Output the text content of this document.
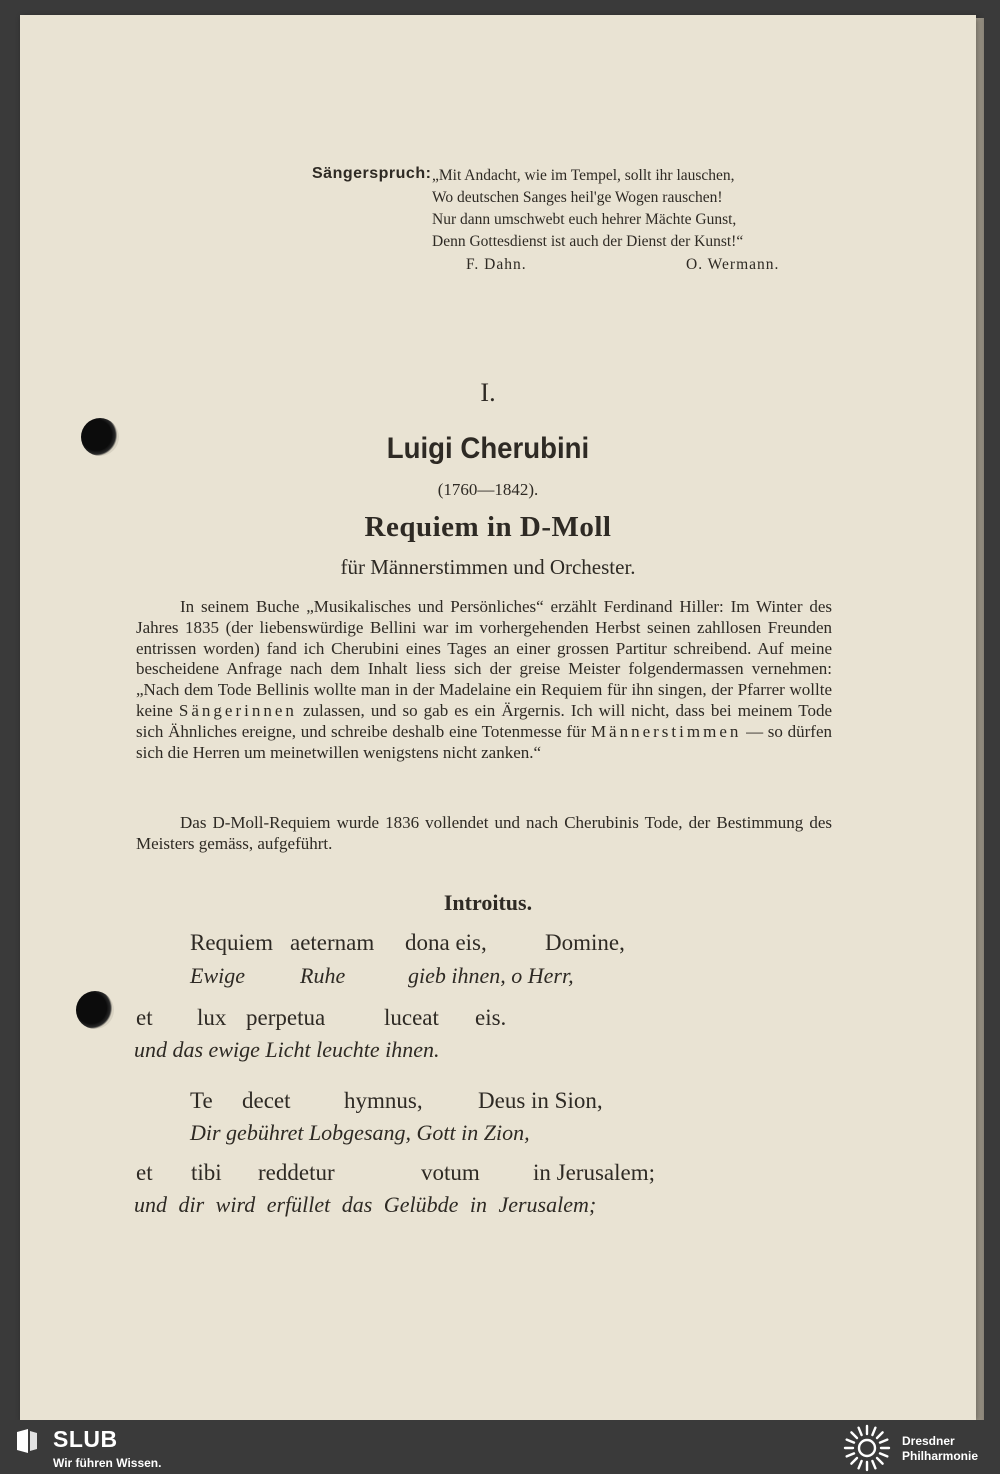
Sängerspruch: „Mit Andacht, wie im Tempel, sollt ihr lauschen,
Wo deutschen Sanges heil'ge Wogen rauschen!
Nur dann umschwebt euch hehrer Mächte Gunst,
Denn Gottesdienst ist auch der Dienst der Kunst!“
F. Dahn.	O. Wermann.
I.
Luigi Cherubini
(1760—1842).
Requiem in D-Moll
für Männerstimmen und Orchester.

In seinem Buche „Musikalisches und Persönliches“ erzählt Ferdinand Hiller: Im Winter des Jahres 1835 (der liebenswürdige Bellini war im vorhergehenden Herbst seinen zahllosen Freunden entrissen worden) fand ich Cherubini eines Tages an einer grossen Partitur schreibend. Auf meine bescheidene Anfrage nach dem Inhalt liess sich der greise Meister folgendermassen vernehmen: „Nach dem Tode Bellinis wollte man in der Madelaine ein Requiem für ihn singen, der Pfarrer wollte keine Sängerinnen zulassen, und so gab es ein Ärgernis. Ich will nicht, dass bei meinem Tode sich Ähnliches ereigne, und schreibe deshalb eine Totenmesse für Männerstimmen — so dürfen sich die Herren um meinetwillen wenigstens nicht zanken.“

Das D-Moll-Requiem wurde 1836 vollendet und nach Cherubinis Tode, der Bestimmung des Meisters gemäss, aufgeführt.

Introitus.
Requiem aeternam dona eis,	Domine,
Ewige	Ruhe	gieb ihnen, o Herr,
et lux perpetua	luceat eis.
und das ewige Licht leuchte ihnen.
Te decet hymnus, Deus in Sion,
Dir gebühret Lobgesang, Gott in Zion,
et tibi reddetur	votum in Jerusalem;
und dir wird erfüllet das Gelübde in Jerusalem;
SLUB
Wir führen Wissen.
Dresdner
Philharmonie
